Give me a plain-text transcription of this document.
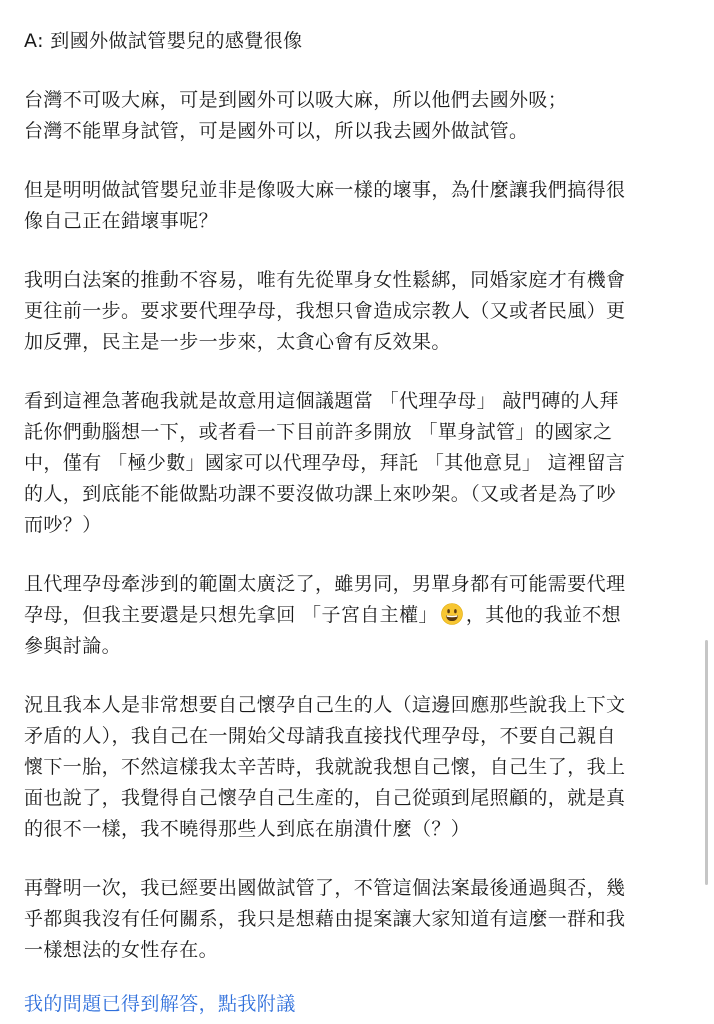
A: 到國外做試管嬰兒的感覺很像
台灣不可吸大麻，可是到國外可以吸大麻，所以他們去國外吸；
台灣不能單身試管，可是國外可以，所以我去國外做試管。
但是明明做試管嬰兒並非是像吸大麻一樣的壞事，為什麼讓我們搞得很
像自己正在錯壞事呢？
我明白法案的推動不容易，唯有先從單身女性鬆綁，同婚家庭才有機會
更往前一步。要求要代理孕母，我想只會造成宗教人（又或者民風）更
加反彈，民主是一步一步來，太貪心會有反效果。
看到這裡急著砲我就是故意用這個議題當 「代理孕母」 敲門磚的人拜
託你們動腦想一下，或者看一下目前許多開放 「單身試管」的國家之
中，僅有 「極少數」國家可以代理孕母，拜託 「其他意見」 這裡留言
的人，到底能不能做點功課不要沒做功課上來吵架。（又或者是為了吵
而吵？）
且代理孕母牽涉到的範圍太廣泛了，雖男同，男單身都有可能需要代理
孕母，但我主要還是只想先拿回 「子宮自主權」 ，其他的我並不想
參與討論。
況且我本人是非常想要自己懷孕自己生的人（這邊回應那些說我上下文
矛盾的人），我自己在一開始父母請我直接找代理孕母，不要自己親自
懷下一胎，不然這樣我太辛苦時，我就說我想自己懷，自己生了，我上
面也說了，我覺得自己懷孕自己生產的，自己從頭到尾照顧的，就是真
的很不一樣，我不曉得那些人到底在崩潰什麼（？）
再聲明一次，我已經要出國做試管了，不管這個法案最後通過與否，幾
乎都與我沒有任何關系，我只是想藉由提案讓大家知道有這麼一群和我
一樣想法的女性存在。
我的問題已得到解答，點我附議
